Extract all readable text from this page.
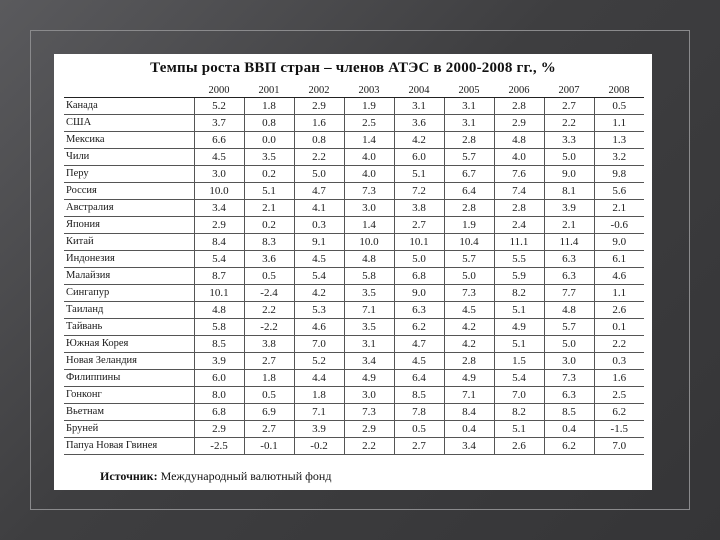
Темпы роста ВВП стран – членов АТЭС в 2000-2008 гг., %
	2000	2001	2002	2003	2004	2005	2006	2007	2008
Канада	5.2	1.8	2.9	1.9	3.1	3.1	2.8	2.7	0.5
США	3.7	0.8	1.6	2.5	3.6	3.1	2.9	2.2	1.1
Мексика	6.6	0.0	0.8	1.4	4.2	2.8	4.8	3.3	1.3
Чили	4.5	3.5	2.2	4.0	6.0	5.7	4.0	5.0	3.2
Перу	3.0	0.2	5.0	4.0	5.1	6.7	7.6	9.0	9.8
Россия	10.0	5.1	4.7	7.3	7.2	6.4	7.4	8.1	5.6
Австралия	3.4	2.1	4.1	3.0	3.8	2.8	2.8	3.9	2.1
Япония	2.9	0.2	0.3	1.4	2.7	1.9	2.4	2.1	-0.6
Китай	8.4	8.3	9.1	10.0	10.1	10.4	11.1	11.4	9.0
Индонезия	5.4	3.6	4.5	4.8	5.0	5.7	5.5	6.3	6.1
Малайзия	8.7	0.5	5.4	5.8	6.8	5.0	5.9	6.3	4.6
Сингапур	10.1	-2.4	4.2	3.5	9.0	7.3	8.2	7.7	1.1
Таиланд	4.8	2.2	5.3	7.1	6.3	4.5	5.1	4.8	2.6
Тайвань	5.8	-2.2	4.6	3.5	6.2	4.2	4.9	5.7	0.1
Южная Корея	8.5	3.8	7.0	3.1	4.7	4.2	5.1	5.0	2.2
Новая Зеландия	3.9	2.7	5.2	3.4	4.5	2.8	1.5	3.0	0.3
Филиппины	6.0	1.8	4.4	4.9	6.4	4.9	5.4	7.3	1.6
Гонконг	8.0	0.5	1.8	3.0	8.5	7.1	7.0	6.3	2.5
Вьетнам	6.8	6.9	7.1	7.3	7.8	8.4	8.2	8.5	6.2
Бруней	2.9	2.7	3.9	2.9	0.5	0.4	5.1	0.4	-1.5
Папуа Новая Гвинея	-2.5	-0.1	-0.2	2.2	2.7	3.4	2.6	6.2	7.0
Источник: Международный валютный фонд
